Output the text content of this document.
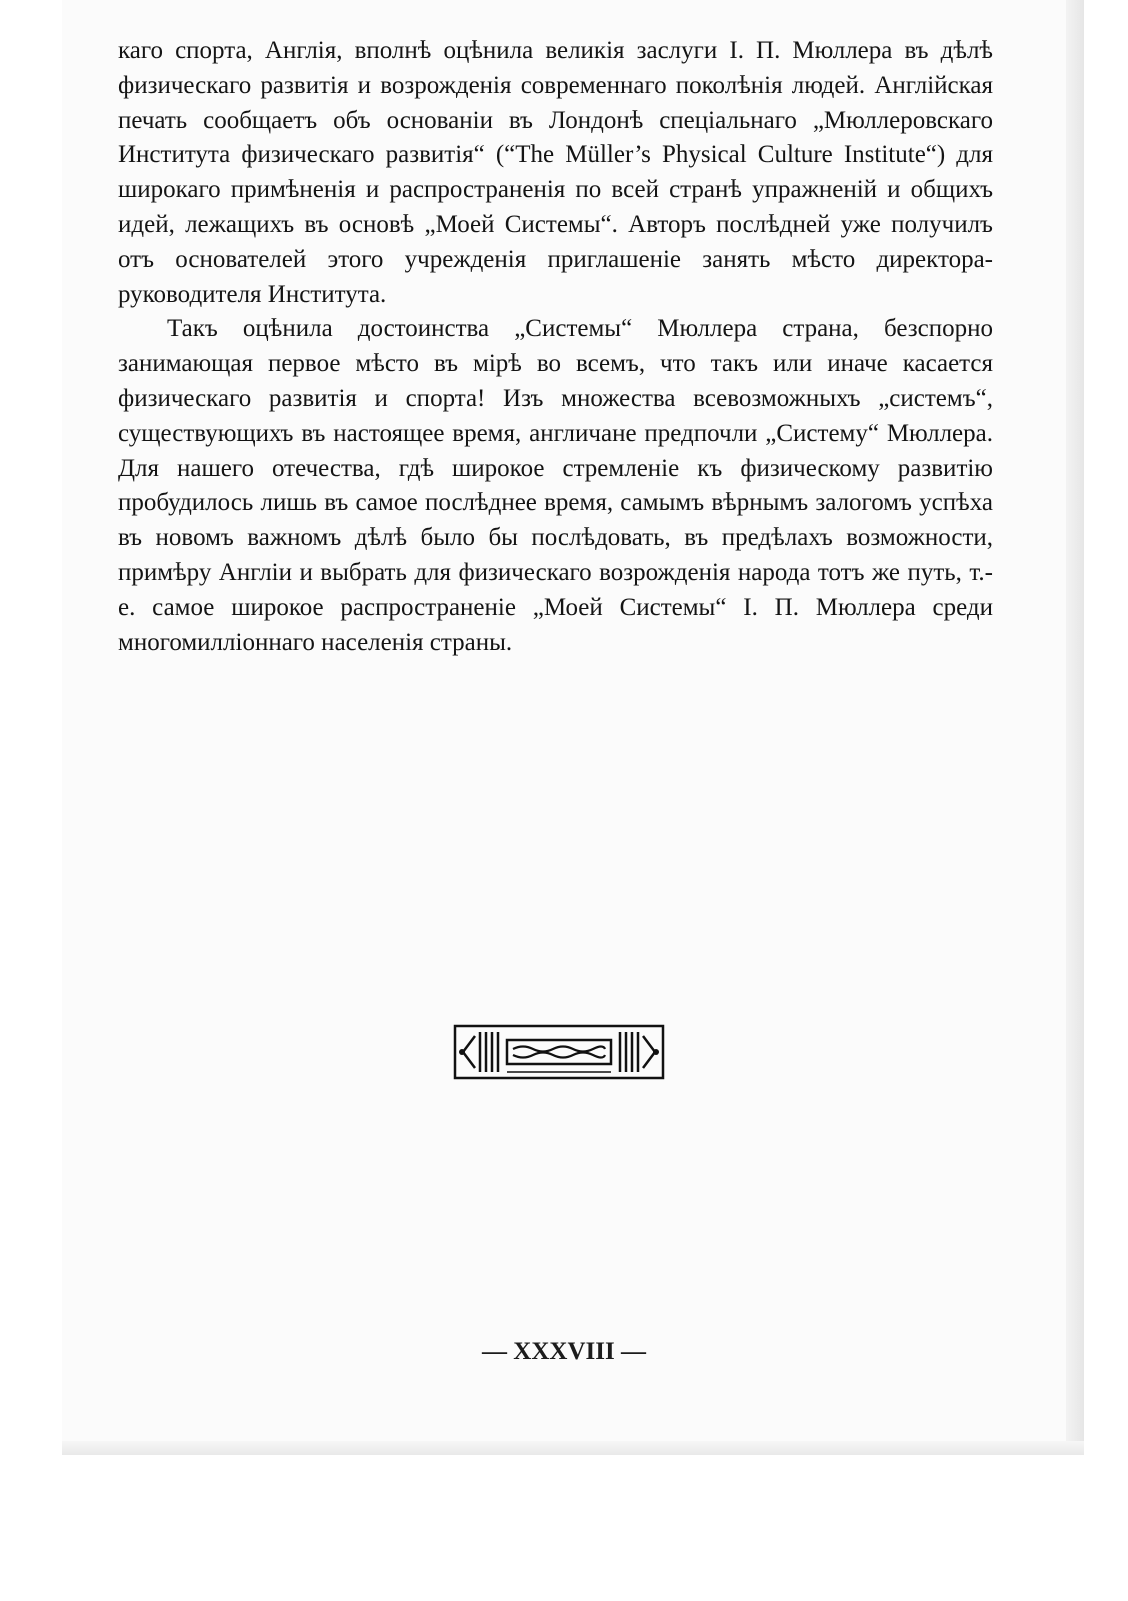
каго спорта, Англія, вполнѣ оцѣнила великія заслуги I. П. Мюллера въ дѣлѣ физическаго развитія и возрожденія современнаго поколѣнія людей. Англійская печать сообщаетъ объ основаніи въ Лондонѣ спеціальнаго „Мюллеровскаго Института физическаго развитія“ (“The Müller’s Physical Culture Institute“) для широкаго примѣненія и распространенія по всей странѣ упражненій и общихъ идей, лежащихъ въ основѣ „Моей Системы“. Авторъ послѣдней уже получилъ отъ основателей этого учрежденія приглашеніе занять мѣсто директора-руководителя Института.

Такъ оцѣнила достоинства „Системы“ Мюллера страна, безспорно занимающая первое мѣсто въ мірѣ во всемъ, что такъ или иначе касается физическаго развитія и спорта! Изъ множества всевозможныхъ „системъ“, существующихъ въ настоящее время, англичане предпочли „Систему“ Мюллера. Для нашего отечества, гдѣ широкое стремленіе къ физическому развитію пробудилось лишь въ самое послѣднее время, самымъ вѣрнымъ залогомъ успѣха въ новомъ важномъ дѣлѣ было бы послѣдовать, въ предѣлахъ возможности, примѣру Англіи и выбрать для физическаго возрожденія народа тотъ же путь, т.-е. самое широкое распространеніе „Моей Системы“ I. П. Мюллера среди многомилліоннаго населенія страны.

— XXXVIII —
